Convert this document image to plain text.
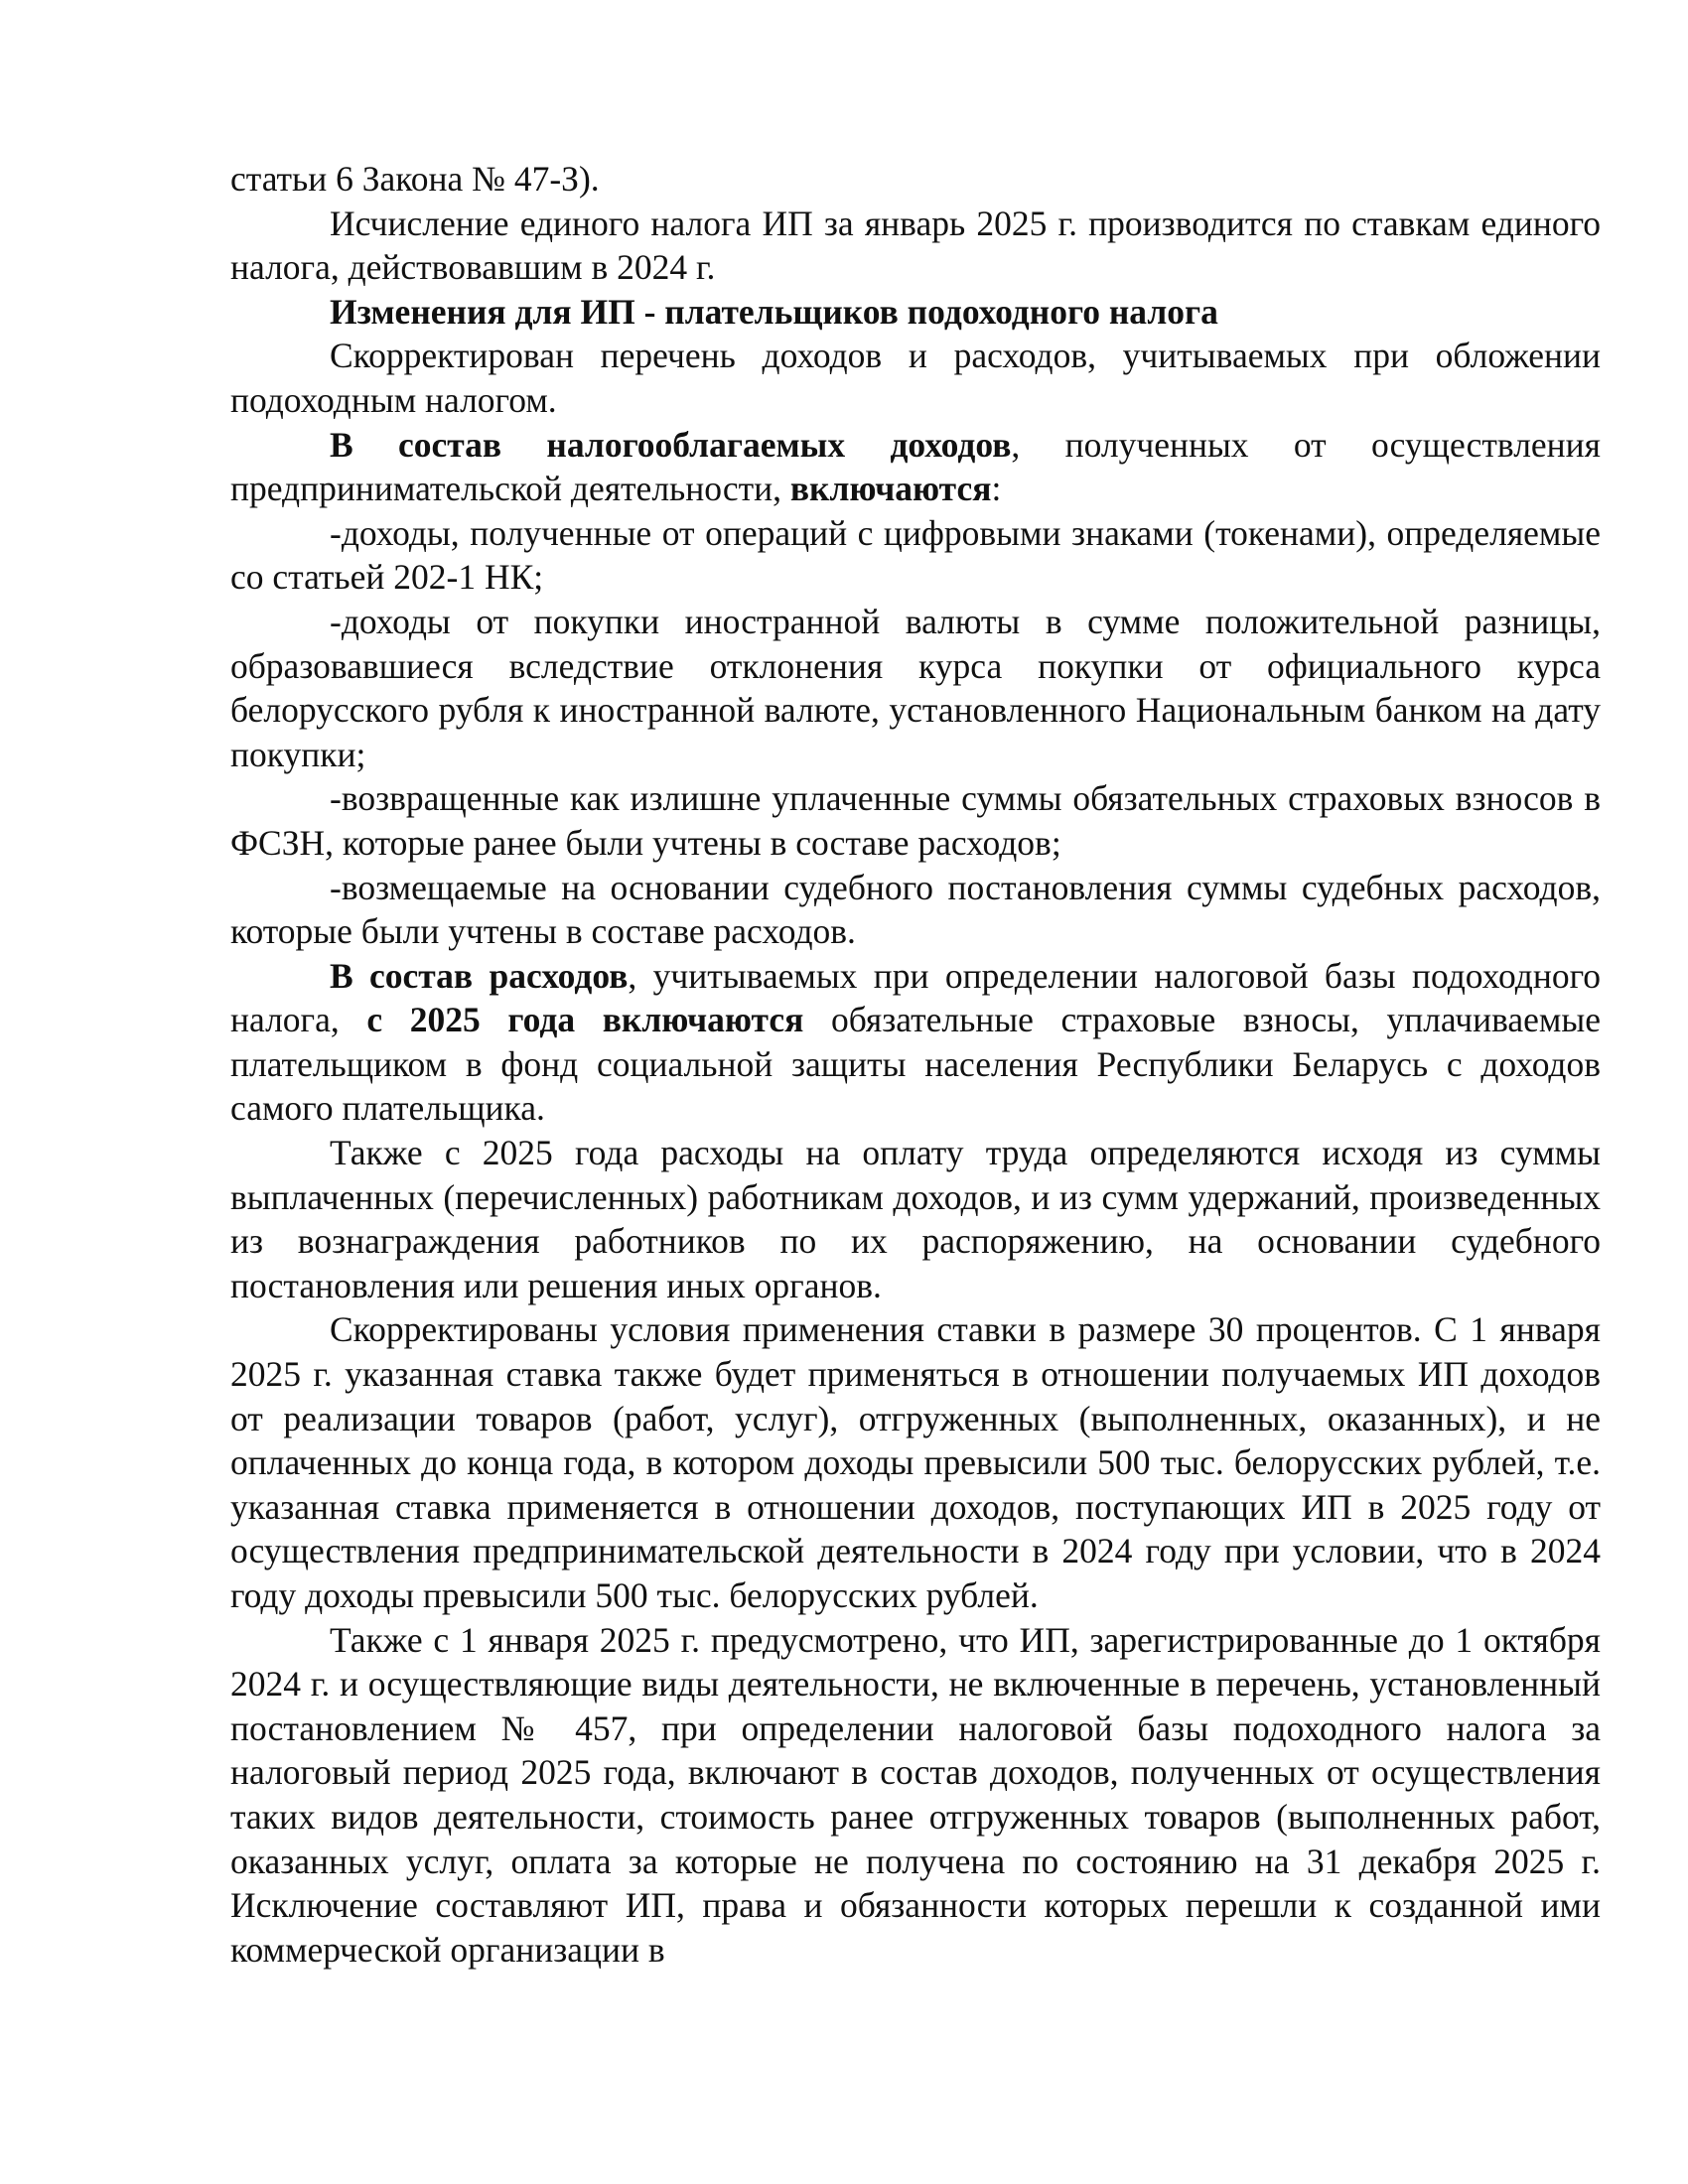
статьи 6 Закона № 47-З).

Исчисление единого налога ИП за январь 2025 г. производится по ставкам единого налога, действовавшим в 2024 г.

Изменения для ИП - плательщиков подоходного налога

Скорректирован перечень доходов и расходов, учитываемых при обложении подоходным налогом.

В состав налогооблагаемых доходов, полученных от осуществления предпринимательской деятельности, включаются:

-доходы, полученные от операций с цифровыми знаками (токенами), определяемые со статьей 202-1 НК;

-доходы от покупки иностранной валюты в сумме положительной разницы, образовавшиеся вследствие отклонения курса покупки от официального курса белорусского рубля к иностранной валюте, установленного Национальным банком на дату покупки;

-возвращенные как излишне уплаченные суммы обязательных страховых взносов в ФСЗН, которые ранее были учтены в составе расходов;

-возмещаемые на основании судебного постановления суммы судебных расходов, которые были учтены в составе расходов.

В состав расходов, учитываемых при определении налоговой базы подоходного налога, с 2025 года включаются обязательные страховые взносы, уплачиваемые плательщиком в фонд социальной защиты населения Республики Беларусь с доходов самого плательщика.

Также с 2025 года расходы на оплату труда определяются исходя из суммы выплаченных (перечисленных) работникам доходов, и из сумм удержаний, произведенных из вознаграждения работников по их распоряжению, на основании судебного постановления или решения иных органов.

Скорректированы условия применения ставки в размере 30 процентов. С 1 января 2025 г. указанная ставка также будет применяться в отношении получаемых ИП доходов от реализации товаров (работ, услуг), отгруженных (выполненных, оказанных), и не оплаченных до конца года, в котором доходы превысили 500 тыс. белорусских рублей, т.е. указанная ставка применяется в отношении доходов, поступающих ИП в 2025 году от осуществления предпринимательской деятельности в 2024 году при условии, что в 2024 году доходы превысили 500 тыс. белорусских рублей.

Также с 1 января 2025 г. предусмотрено, что ИП, зарегистрированные до 1 октября 2024 г. и осуществляющие виды деятельности, не включенные в перечень, установленный постановлением № 457, при определении налоговой базы подоходного налога за налоговый период 2025 года, включают в состав доходов, полученных от осуществления таких видов деятельности, стоимость ранее отгруженных товаров (выполненных работ, оказанных услуг, оплата за которые не получена по состоянию на 31 декабря 2025 г. Исключение составляют ИП, права и обязанности которых перешли к созданной ими коммерческой организации в
